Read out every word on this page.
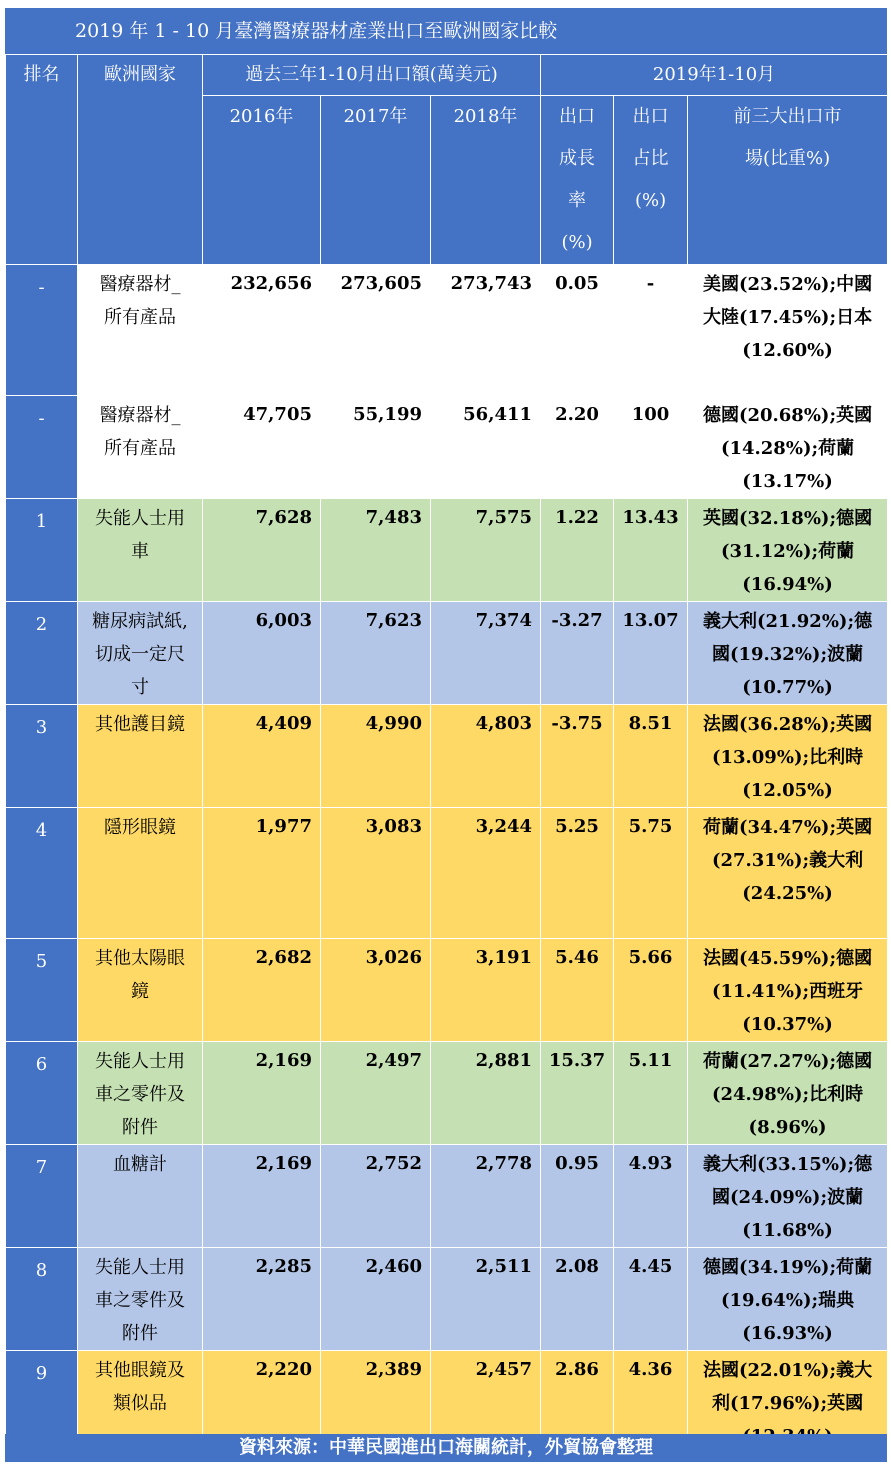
2019 年 1 - 10 月臺灣醫療器材產業出口至歐洲國家比較
排名	歐洲國家	過去三年1-10月出口額(萬美元)			2019年1-10月		
		2016年	2017年	2018年	出口成長率(%)	出口占比(%)	前三大出口市場(比重%)
-	醫療器材_所有產品	232,656	273,605	273,743	0.05	-	美國(23.52%);中國大陸(17.45%);日本(12.60%)
-	醫療器材_所有產品	47,705	55,199	56,411	2.20	100	德國(20.68%);英國(14.28%);荷蘭(13.17%)
1	失能人士用車	7,628	7,483	7,575	1.22	13.43	英國(32.18%);德國(31.12%);荷蘭(16.94%)
2	糖尿病試紙,切成一定尺寸	6,003	7,623	7,374	-3.27	13.07	義大利(21.92%);德國(19.32%);波蘭(10.77%)
3	其他護目鏡	4,409	4,990	4,803	-3.75	8.51	法國(36.28%);英國(13.09%);比利時(12.05%)
4	隱形眼鏡	1,977	3,083	3,244	5.25	5.75	荷蘭(34.47%);英國(27.31%);義大利(24.25%)
5	其他太陽眼鏡	2,682	3,026	3,191	5.46	5.66	法國(45.59%);德國(11.41%);西班牙(10.37%)
6	失能人士用車之零件及附件	2,169	2,497	2,881	15.37	5.11	荷蘭(27.27%);德國(24.98%);比利時(8.96%)
7	血糖計	2,169	2,752	2,778	0.95	4.93	義大利(33.15%);德國(24.09%);波蘭(11.68%)
8	失能人士用車之零件及附件	2,285	2,460	2,511	2.08	4.45	德國(34.19%);荷蘭(19.64%);瑞典(16.93%)
9	其他眼鏡及類似品	2,220	2,389	2,457	2.86	4.36	法國(22.01%);義大利(17.96%);英國
資料來源：中華民國進出口海關統計，外貿協會整理
